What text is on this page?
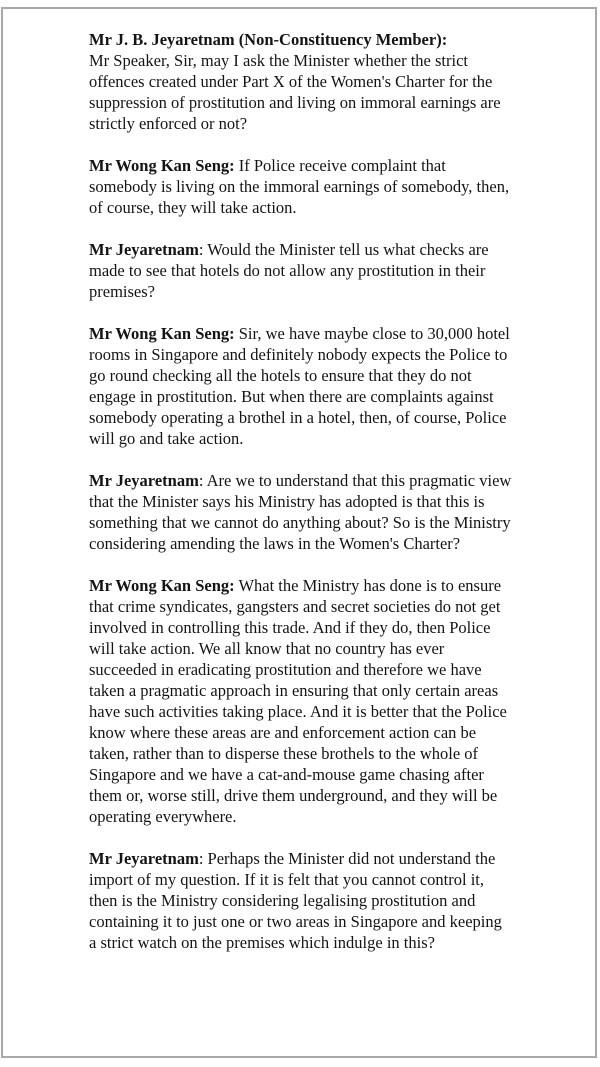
Mr J. B. Jeyaretnam (Non-Constituency Member):
Mr Speaker, Sir, may I ask the Minister whether the strict offences created under Part X of the Women's Charter for the suppression of prostitution and living on immoral earnings are strictly enforced or not?

Mr Wong Kan Seng: If Police receive complaint that somebody is living on the immoral earnings of somebody, then, of course, they will take action.

Mr Jeyaretnam: Would the Minister tell us what checks are made to see that hotels do not allow any prostitution in their premises?

Mr Wong Kan Seng: Sir, we have maybe close to 30,000 hotel rooms in Singapore and definitely nobody expects the Police to go round checking all the hotels to ensure that they do not engage in prostitution. But when there are complaints against somebody operating a brothel in a hotel, then, of course, Police will go and take action.

Mr Jeyaretnam: Are we to understand that this pragmatic view that the Minister says his Ministry has adopted is that this is something that we cannot do anything about? So is the Ministry considering amending the laws in the Women's Charter?

Mr Wong Kan Seng: What the Ministry has done is to ensure that crime syndicates, gangsters and secret societies do not get involved in controlling this trade. And if they do, then Police will take action. We all know that no country has ever succeeded in eradicating prostitution and therefore we have taken a pragmatic approach in ensuring that only certain areas have such activities taking place. And it is better that the Police know where these areas are and enforcement action can be taken, rather than to disperse these brothels to the whole of Singapore and we have a cat-and-mouse game chasing after them or, worse still, drive them underground, and they will be operating everywhere.

Mr Jeyaretnam: Perhaps the Minister did not understand the import of my question. If it is felt that you cannot control it, then is the Ministry considering legalising prostitution and containing it to just one or two areas in Singapore and keeping a strict watch on the premises which indulge in this?
